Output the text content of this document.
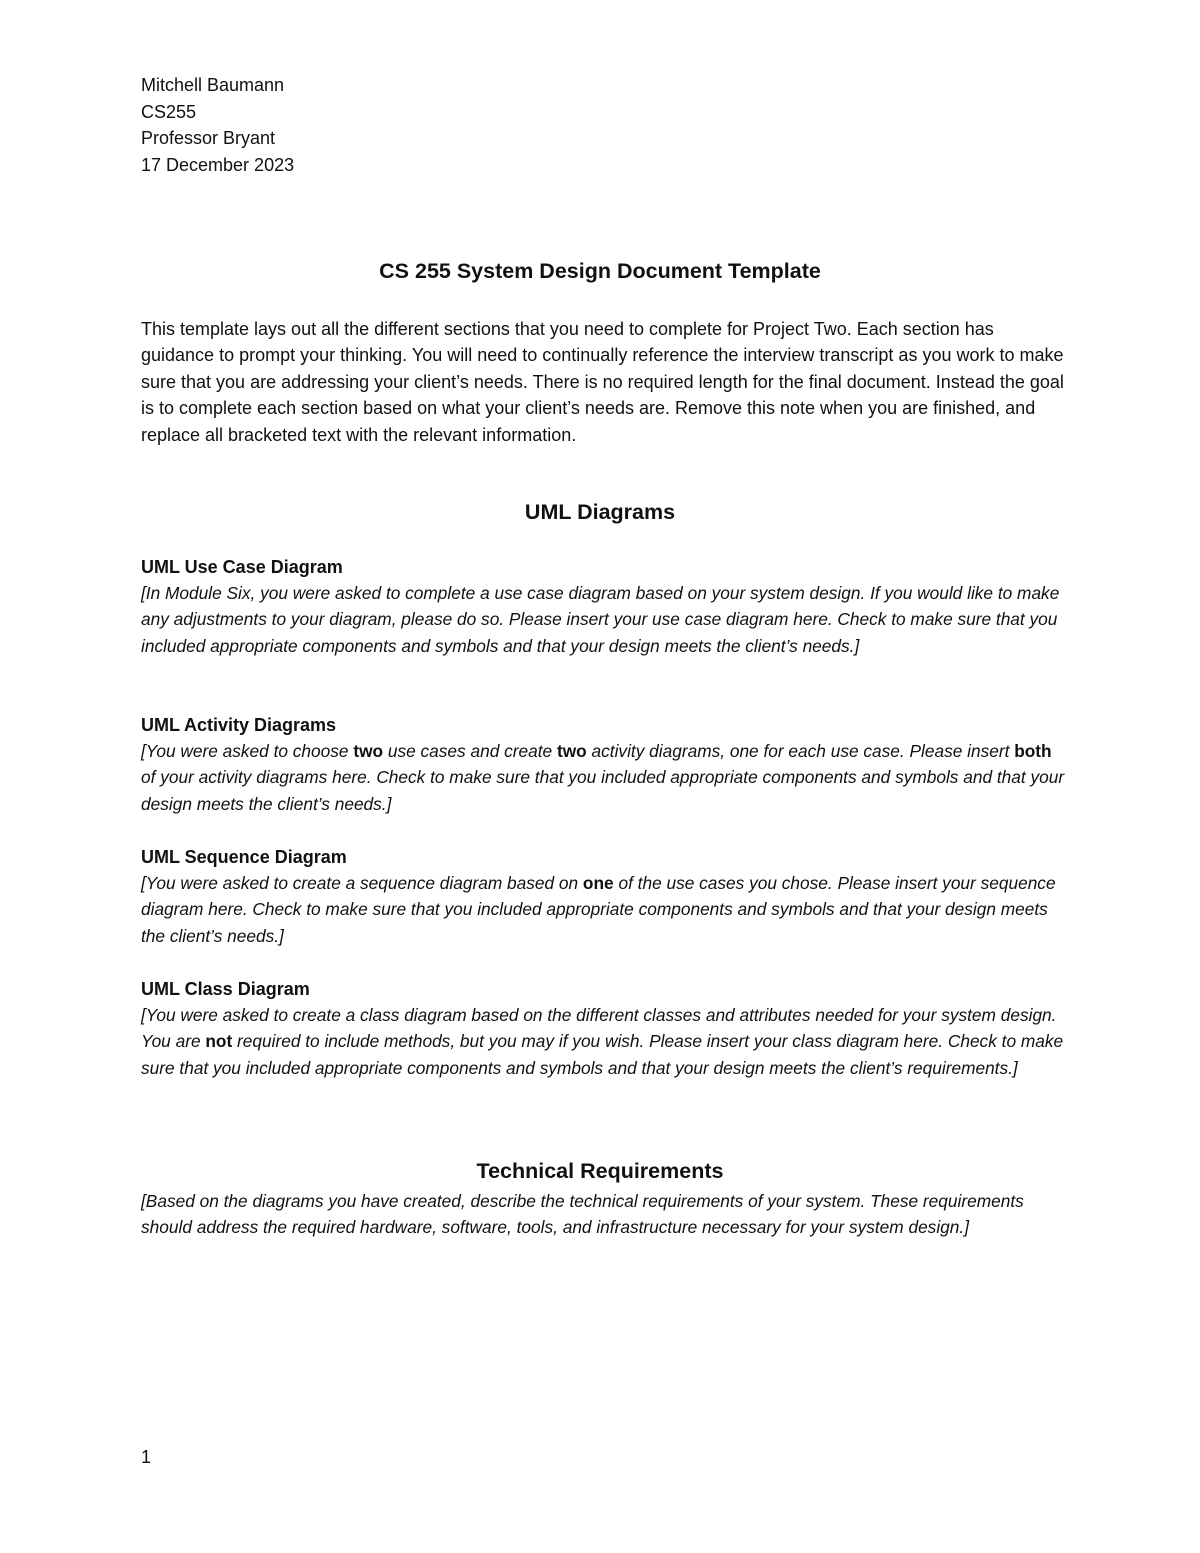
Mitchell Baumann
CS255
Professor Bryant
17 December 2023
CS 255 System Design Document Template

This template lays out all the different sections that you need to complete for Project Two. Each section has guidance to prompt your thinking. You will need to continually reference the interview transcript as you work to make sure that you are addressing your client’s needs. There is no required length for the final document. Instead the goal is to complete each section based on what your client’s needs are. Remove this note when you are finished, and replace all bracketed text with the relevant information.

UML Diagrams
UML Use Case Diagram

[In Module Six, you were asked to complete a use case diagram based on your system design. If you would like to make any adjustments to your diagram, please do so. Please insert your use case diagram here. Check to make sure that you included appropriate components and symbols and that your design meets the client’s needs.]

UML Activity Diagrams

[You were asked to choose two use cases and create two activity diagrams, one for each use case. Please insert both of your activity diagrams here. Check to make sure that you included appropriate components and symbols and that your design meets the client’s needs.]

UML Sequence Diagram

[You were asked to create a sequence diagram based on one of the use cases you chose. Please insert your sequence diagram here. Check to make sure that you included appropriate components and symbols and that your design meets the client’s needs.]

UML Class Diagram

[You were asked to create a class diagram based on the different classes and attributes needed for your system design. You are not required to include methods, but you may if you wish. Please insert your class diagram here. Check to make sure that you included appropriate components and symbols and that your design meets the client’s requirements.]

Technical Requirements

[Based on the diagrams you have created, describe the technical requirements of your system. These requirements should address the required hardware, software, tools, and infrastructure necessary for your system design.]

1
